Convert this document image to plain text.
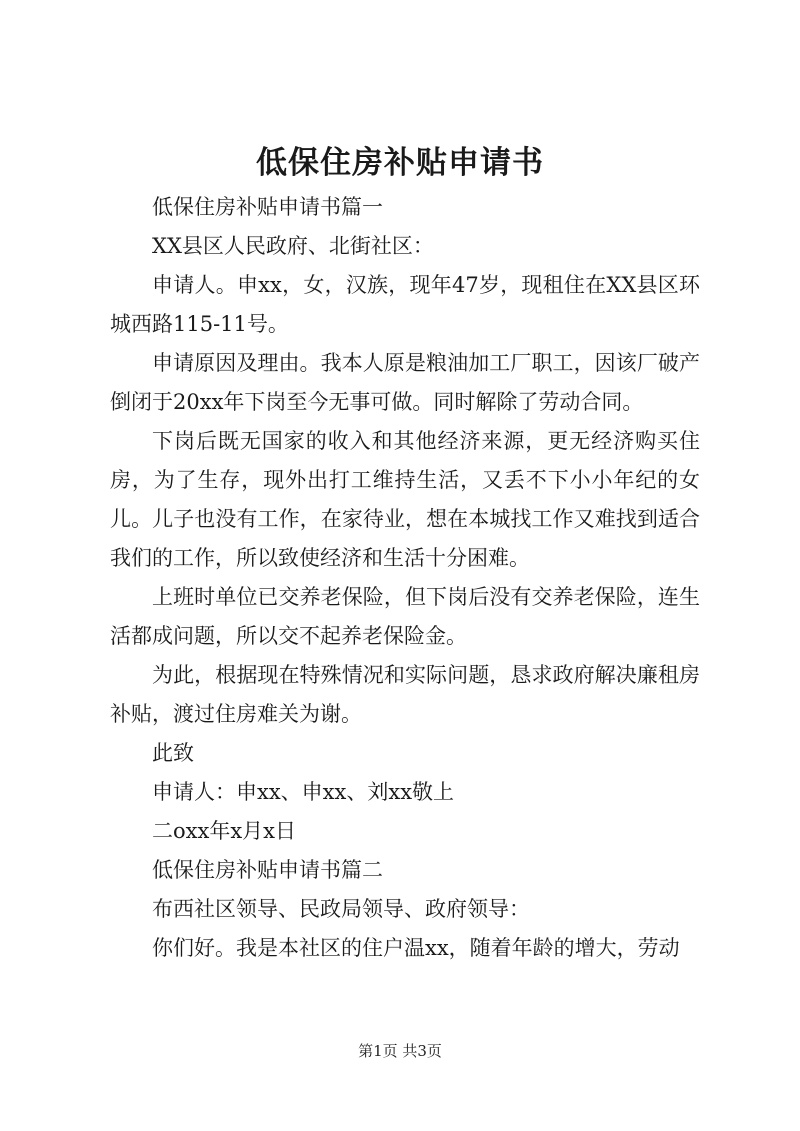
低保住房补贴申请书

低保住房补贴申请书篇一

XX县区人民政府、北街社区：

申请人。申xx，女，汉族，现年47岁，现租住在XX县区环城西路115-11号。

申请原因及理由。我本人原是粮油加工厂职工，因该厂破产倒闭于20xx年下岗至今无事可做。同时解除了劳动合同。

下岗后既无国家的收入和其他经济来源，更无经济购买住房，为了生存，现外出打工维持生活，又丢不下小小年纪的女儿。儿子也没有工作，在家待业，想在本城找工作又难找到适合我们的工作，所以致使经济和生活十分困难。

上班时单位已交养老保险，但下岗后没有交养老保险，连生活都成问题，所以交不起养老保险金。

为此，根据现在特殊情况和实际问题，恳求政府解决廉租房补贴，渡过住房难关为谢。

此致

申请人：申xx、申xx、刘xx敬上

二oxx年x月x日

低保住房补贴申请书篇二

布西社区领导、民政局领导、政府领导：

你们好。我是本社区的住户温xx，随着年龄的增大，劳动

第1页 共3页
